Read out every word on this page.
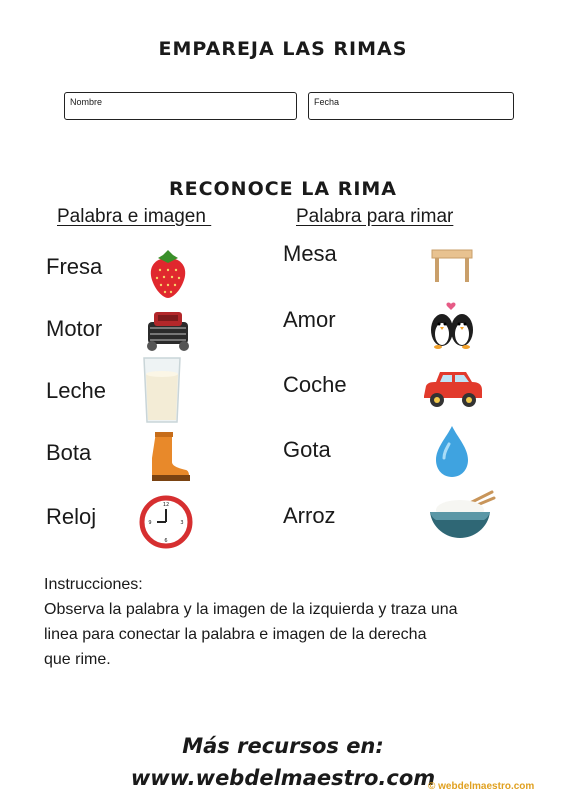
EMPAREJA LAS RIMAS
Nombre	Fecha
RECONOCE LA RIMA
Palabra e imagen	Palabra para rimar
Fresa
Motor
Leche
Bota
Reloj	12
3
6
9
Mesa
Amor
Coche
Gota
Arroz
Instrucciones:
Observa la palabra y la imagen de la izquierda y traza una
linea para conectar la palabra e imagen de la derecha
que rime.
Más recursos en:
www.webdelmaestro.com
© webdelmaestro.com
